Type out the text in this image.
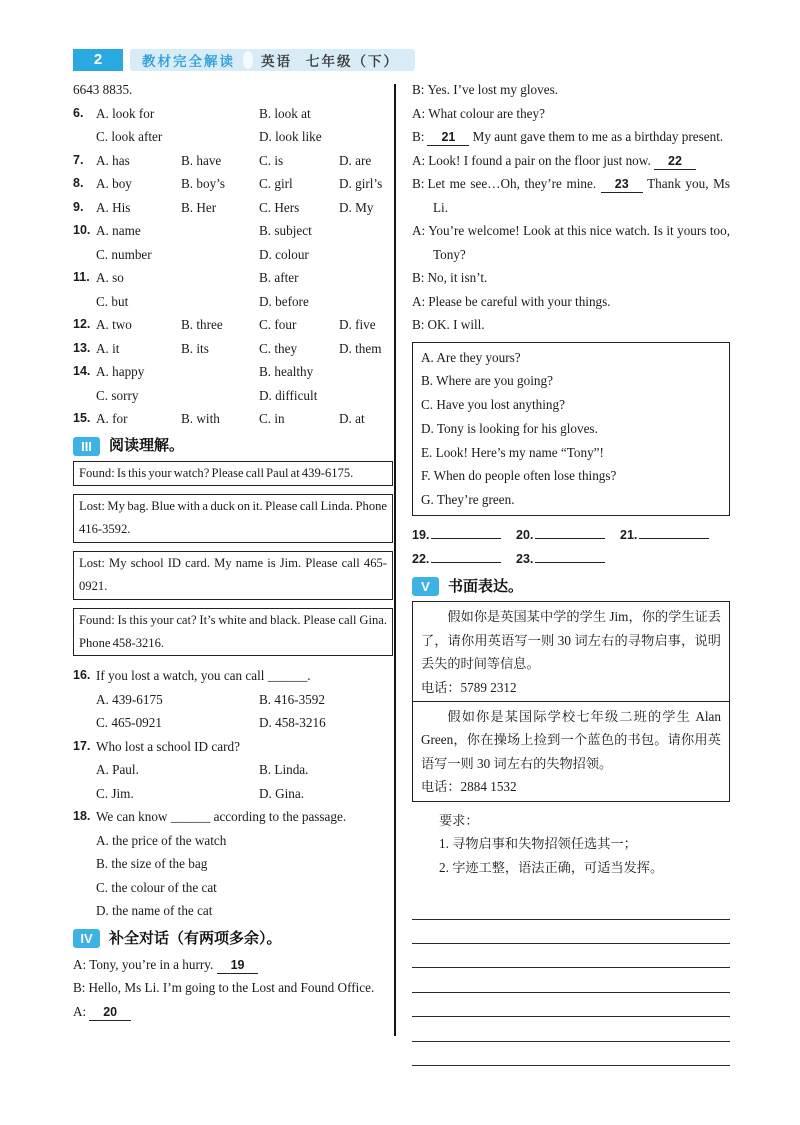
2	教材完全解读 英语 七年级（下）

6643 8835.

6. A. look for	B. look at
C. look after	D. look like
7. A. has	B. have	C. is	D. are
8. A. boy	B. boy’s	C. girl	D. girl’s
9. A. His	B. Her	C. Hers	D. My
10. A. name	B. subject
C. number	D. colour
11. A. so	B. after
C. but	D. before
12. A. two	B. three	C. four	D. five
13. A. it	B. its	C. they	D. them
14. A. happy	B. healthy
C. sorry	D. difficult
15. A. for	B. with	C. in	D. at
III	阅读理解。
Found: Is this your watch? Please call Paul at 439-6175.
Lost: My bag. Blue with a duck on it. Please call Linda. Phone 416-3592.
Lost: My school ID card. My name is Jim. Please call 465-0921.
Found: Is this your cat? It’s white and black. Please call Gina. Phone 458-3216.
16. If you lost a watch, you can call ______.
A. 439-6175	B. 416-3592
C. 465-0921	D. 458-3216
17. Who lost a school ID card?
A. Paul.	B. Linda.
C. Jim.	D. Gina.
18. We can know ______ according to the passage.
A. the price of the watch
B. the size of the bag
C. the colour of the cat
D. the name of the cat
IV	补全对话（有两项多余）。
A: Tony, you’re in a hurry. 19
B: Hello, Ms Li. I’m going to the Lost and Found Office.
A: 20
B: Yes. I’ve lost my gloves.
A: What colour are they?
B: 21 My aunt gave them to me as a birthday present.
A: Look! I found a pair on the floor just now. 22
B: Let me see…Oh, they’re mine. 23 Thank you, Ms Li.
A: You’re welcome! Look at this nice watch. Is it yours too, Tony?
B: No, it isn’t.
A: Please be careful with your things.
B: OK. I will.
A. Are they yours?
B. Where are you going?
C. Have you lost anything?
D. Tony is looking for his gloves.
E. Look! Here’s my name “Tony”!
F. When do people often lose things?
G. They’re green.
19.	20.	21.
22.	23.
V	书面表达。

假如你是英国某中学的学生 Jim，你的学生证丢了，请你用英语写一则 30 词左右的寻物启事，说明丢失的时间等信息。

电话：5789 2312

假如你是某国际学校七年级二班的学生 Alan Green，你在操场上捡到一个蓝色的书包。请你用英语写一则 30 词左右的失物招领。

电话：2884 1532

要求：
1. 寻物启事和失物招领任选其一；
2. 字迹工整，语法正确，可适当发挥。
